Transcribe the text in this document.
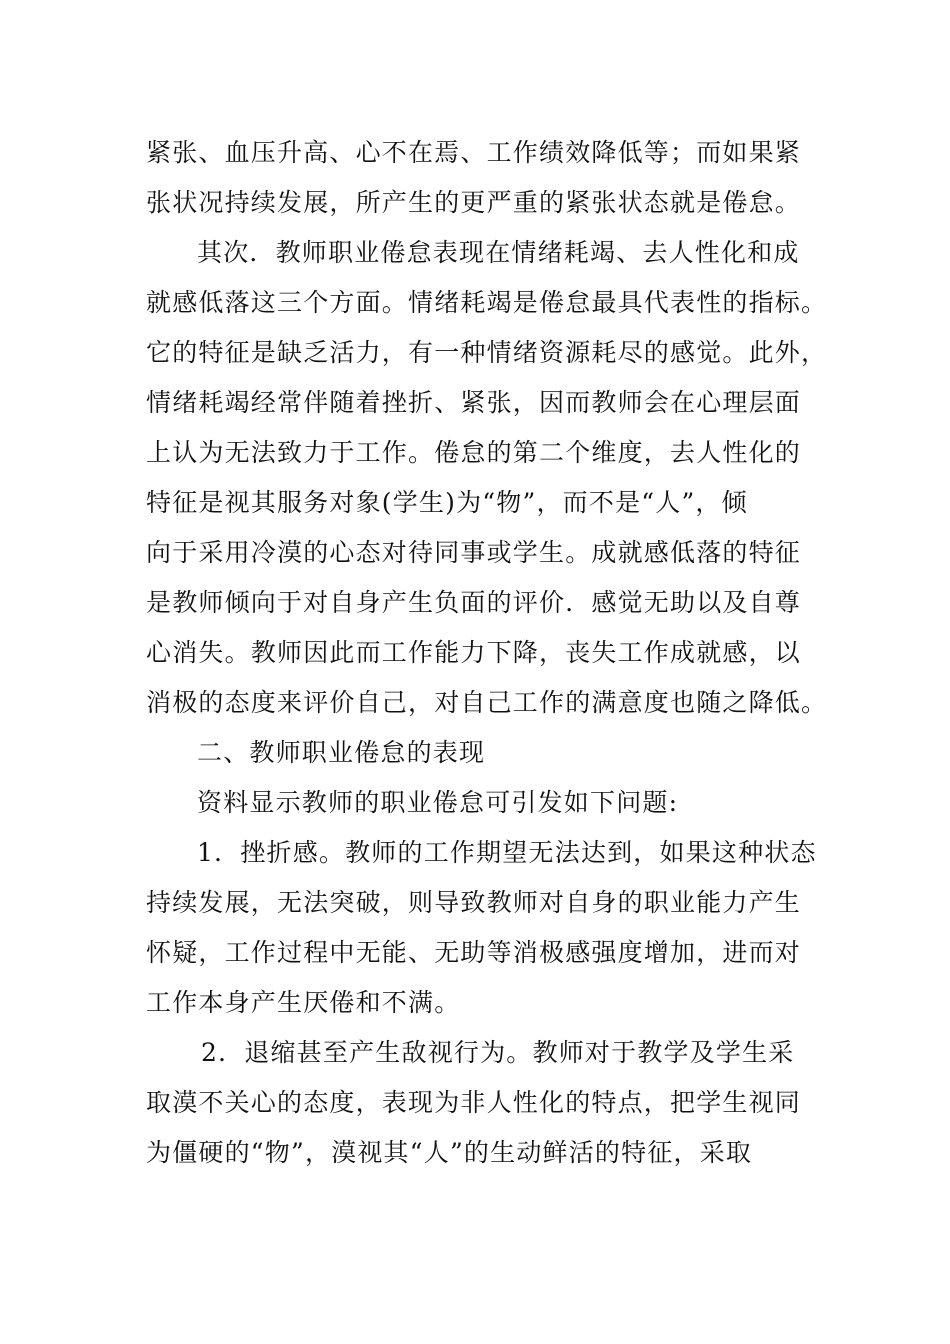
紧张、血压升高、心不在焉、工作绩效降低等；而如果紧
张状况持续发展，所产生的更严重的紧张状态就是倦怠。
其次．教师职业倦怠表现在情绪耗竭、去人性化和成
就感低落这三个方面。情绪耗竭是倦怠最具代表性的指标。
它的特征是缺乏活力，有一种情绪资源耗尽的感觉。此外，
情绪耗竭经常伴随着挫折、紧张，因而教师会在心理层面
上认为无法致力于工作。倦怠的第二个维度，去人性化的
特征是视其服务对象(学生)为“物”，而不是“人”，倾
向于采用冷漠的心态对待同事或学生。成就感低落的特征
是教师倾向于对自身产生负面的评价．感觉无助以及自尊
心消失。教师因此而工作能力下降，丧失工作成就感，以
消极的态度来评价自己，对自己工作的满意度也随之降低。
二、教师职业倦怠的表现
资料显示教师的职业倦怠可引发如下问题:
1．挫折感。教师的工作期望无法达到，如果这种状态
持续发展，无法突破，则导致教师对自身的职业能力产生
怀疑，工作过程中无能、无助等消极感强度增加，进而对
工作本身产生厌倦和不满。
2．退缩甚至产生敌视行为。教师对于教学及学生采
取漠不关心的态度，表现为非人性化的特点，把学生视同
为僵硬的“物”，漠视其“人”的生动鲜活的特征，采取
